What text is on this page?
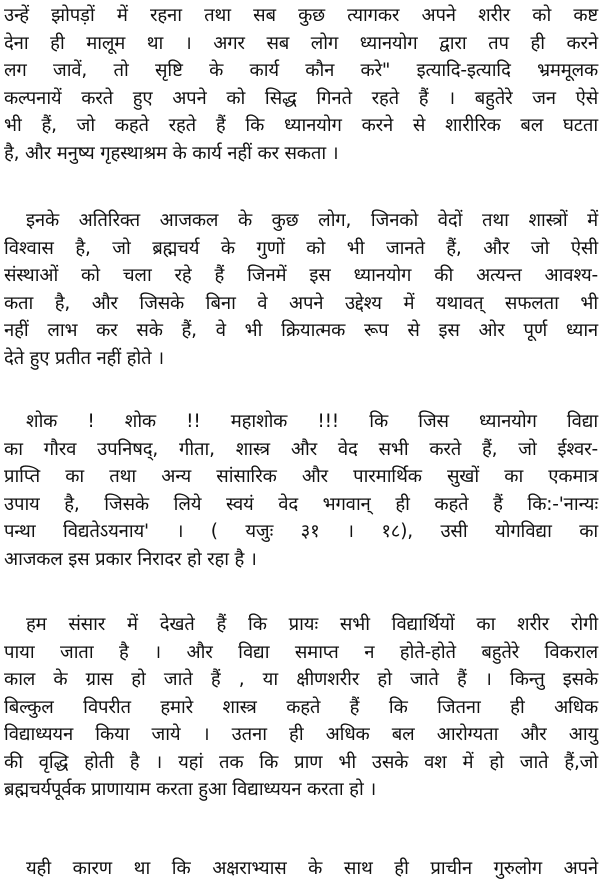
उन्हें झोपड़ों में रहना तथा सब कुछ त्यागकर अपने शरीर को कष्ट
देना ही मालूम था । अगर सब लोग ध्यानयोग द्वारा तप ही करने
लग जावें, तो सृष्टि के कार्य कौन करे" इत्यादि-इत्यादि भ्रममूलक
कल्पनायें करते हुए अपने को सिद्ध गिनते रहते हैं । बहुतेरे जन ऐसे
भी हैं, जो कहते रहते हैं कि ध्यानयोग करने से शारीरिक बल घटता
है, और मनुष्य गृहस्थाश्रम के कार्य नहीं कर सकता ।
इनके अतिरिक्त आजकल के कुछ लोग, जिनको वेदों तथा शास्त्रों में
विश्वास है, जो ब्रह्मचर्य के गुणों को भी जानते हैं, और जो ऐसी
संस्थाओं को चला रहे हैं जिनमें इस ध्यानयोग की अत्यन्त आवश्य-
कता है, और जिसके बिना वे अपने उद्देश्य में यथावत् सफलता भी
नहीं लाभ कर सके हैं, वे भी क्रियात्मक रूप से इस ओर पूर्ण ध्यान
देते हुए प्रतीत नहीं होते ।
शोक ! शोक !! महाशोक !!! कि जिस ध्यानयोग विद्या
का गौरव उपनिषद्, गीता, शास्त्र और वेद सभी करते हैं, जो ईश्वर-
प्राप्ति का तथा अन्य सांसारिक और पारमार्थिक सुखों का एकमात्र
उपाय है, जिसके लिये स्वयं वेद भगवान् ही कहते हैं कि:-'नान्यः
पन्था विद्यतेऽयनाय' । ( यजुः ३१ । १८), उसी योगविद्या का
आजकल इस प्रकार निरादर हो रहा है ।
हम संसार में देखते हैं कि प्रायः सभी विद्यार्थियों का शरीर रोगी
पाया जाता है । और विद्या समाप्त न होते-होते बहुतेरे विकराल
काल के ग्रास हो जाते हैं , या क्षीणशरीर हो जाते हैं । किन्तु इसके
बिल्कुल विपरीत हमारे शास्त्र कहते हैं कि जितना ही अधिक
विद्याध्ययन किया जाये । उतना ही अधिक बल आरोग्यता और आयु
की वृद्धि होती है । यहां तक कि प्राण भी उसके वश में हो जाते हैं,जो
ब्रह्मचर्यपूर्वक प्राणायाम करता हुआ विद्याध्ययन करता हो ।
यही कारण था कि अक्षराभ्यास के साथ ही प्राचीन गुरुलोग अपने
